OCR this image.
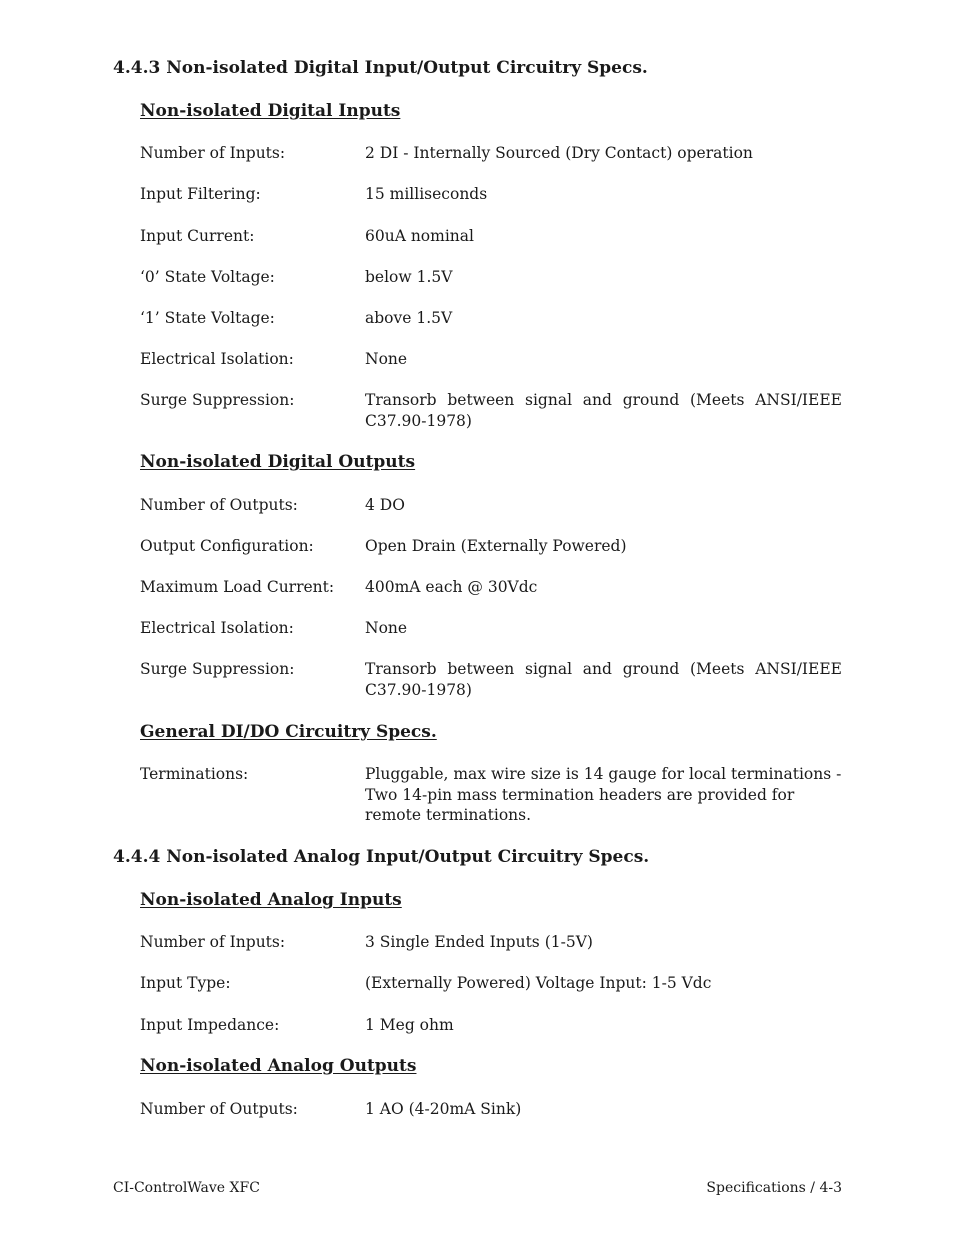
4.4.3 Non-isolated Digital Input/Output Circuitry Specs.
Non-isolated Digital Inputs
Number of Inputs:	2 DI - Internally Sourced (Dry Contact) operation
Input Filtering:	15 milliseconds
Input Current:	60uA nominal
‘0’ State Voltage:	below 1.5V
‘1’ State Voltage:	above 1.5V
Electrical Isolation:	None
Surge Suppression:	Transorb between signal and ground (Meets ANSI/IEEE C37.90-1978)
Non-isolated Digital Outputs
Number of Outputs:	4 DO
Output Configuration:	Open Drain (Externally Powered)
Maximum Load Current: 400mA each @ 30Vdc
Electrical Isolation:	None
Surge Suppression:	Transorb between signal and ground (Meets ANSI/IEEE C37.90-1978)
General DI/DO Circuitry Specs.
Terminations:	Pluggable, max wire size is 14 gauge for local terminations - Two 14-pin mass termination headers are provided for remote terminations.
4.4.4 Non-isolated Analog Input/Output Circuitry Specs.
Non-isolated Analog Inputs
Number of Inputs:	3 Single Ended Inputs (1-5V)
Input Type:	(Externally Powered) Voltage Input: 1-5 Vdc
Input Impedance:	1 Meg ohm
Non-isolated Analog Outputs
Number of Outputs:	1 AO (4-20mA Sink)
CI-ControlWave XFC	Specifications / 4-3
